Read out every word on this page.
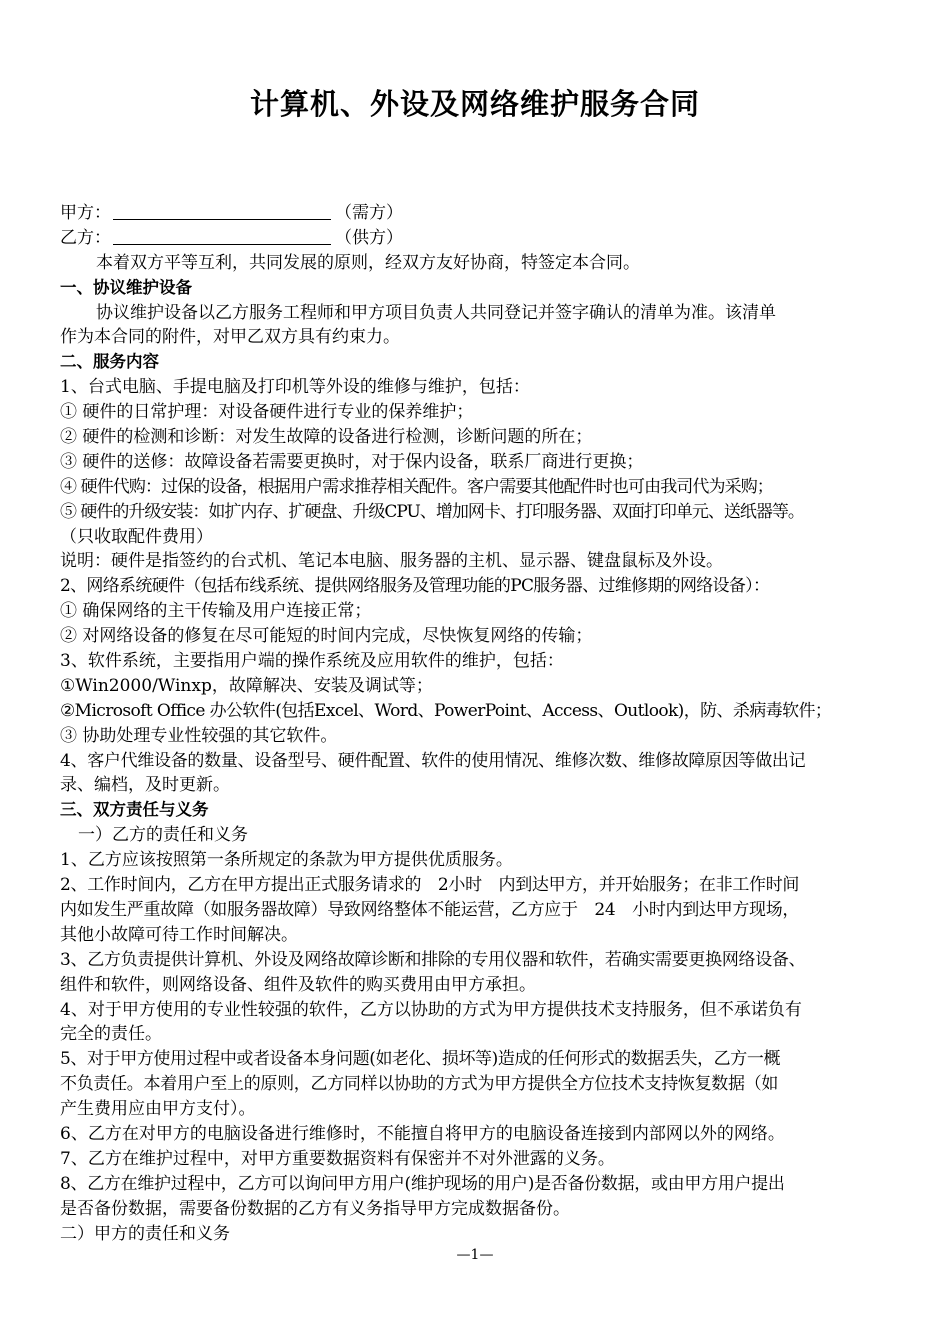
计算机、外设及网络维护服务合同
甲方：	（需方）
乙方：	（供方）
本着双方平等互利，共同发展的原则，经双方友好协商，特签定本合同。
一、协议维护设备
协议维护设备以乙方服务工程师和甲方项目负责人共同登记并签字确认的清单为准。该清单
作为本合同的附件，对甲乙双方具有约束力。
二、服务内容
1、台式电脑、手提电脑及打印机等外设的维修与维护，包括：
① 硬件的日常护理：对设备硬件进行专业的保养维护；
② 硬件的检测和诊断：对发生故障的设备进行检测，诊断问题的所在；
③ 硬件的送修：故障设备若需要更换时，对于保内设备，联系厂商进行更换；
④ 硬件代购：过保的设备，根据用户需求推荐相关配件。客户需要其他配件时也可由我司代为采购；
⑤ 硬件的升级安装：如扩内存、扩硬盘、升级CPU、增加网卡、打印服务器、双面打印单元、送纸器等。
（只收取配件费用）
说明：硬件是指签约的台式机、笔记本电脑、服务器的主机、显示器、键盘鼠标及外设。
2、网络系统硬件（包括布线系统、提供网络服务及管理功能的PC服务器、过维修期的网络设备）：
① 确保网络的主干传输及用户连接正常；
② 对网络设备的修复在尽可能短的时间内完成，尽快恢复网络的传输；
3、软件系统，主要指用户端的操作系统及应用软件的维护，包括：
①Win2000/Winxp，故障解决、安装及调试等；
②Microsoft Office 办公软件(包括Excel、Word、PowerPoint、Access、Outlook)，防、杀病毒软件；
③ 协助处理专业性较强的其它软件。
4、客户代维设备的数量、设备型号、硬件配置、软件的使用情况、维修次数、维修故障原因等做出记
录、编档，及时更新。
三、双方责任与义务
一）乙方的责任和义务
1、乙方应该按照第一条所规定的条款为甲方提供优质服务。
2、工作时间内，乙方在甲方提出正式服务请求的　2小时　内到达甲方，并开始服务；在非工作时间
内如发生严重故障（如服务器故障）导致网络整体不能运营，乙方应于　24　小时内到达甲方现场，
其他小故障可待工作时间解决。
3、乙方负责提供计算机、外设及网络故障诊断和排除的专用仪器和软件，若确实需要更换网络设备、
组件和软件，则网络设备、组件及软件的购买费用由甲方承担。
4、对于甲方使用的专业性较强的软件，乙方以协助的方式为甲方提供技术支持服务，但不承诺负有
完全的责任。
5、对于甲方使用过程中或者设备本身问题(如老化、损坏等)造成的任何形式的数据丢失，乙方一概
不负责任。本着用户至上的原则，乙方同样以协助的方式为甲方提供全方位技术支持恢复数据（如
产生费用应由甲方支付）。
6、乙方在对甲方的电脑设备进行维修时，不能擅自将甲方的电脑设备连接到内部网以外的网络。
7、乙方在维护过程中，对甲方重要数据资料有保密并不对外泄露的义务。
8、乙方在维护过程中，乙方可以询问甲方用户(维护现场的用户)是否备份数据，或由甲方用户提出
是否备份数据，需要备份数据的乙方有义务指导甲方完成数据备份。
二）甲方的责任和义务
—1—
